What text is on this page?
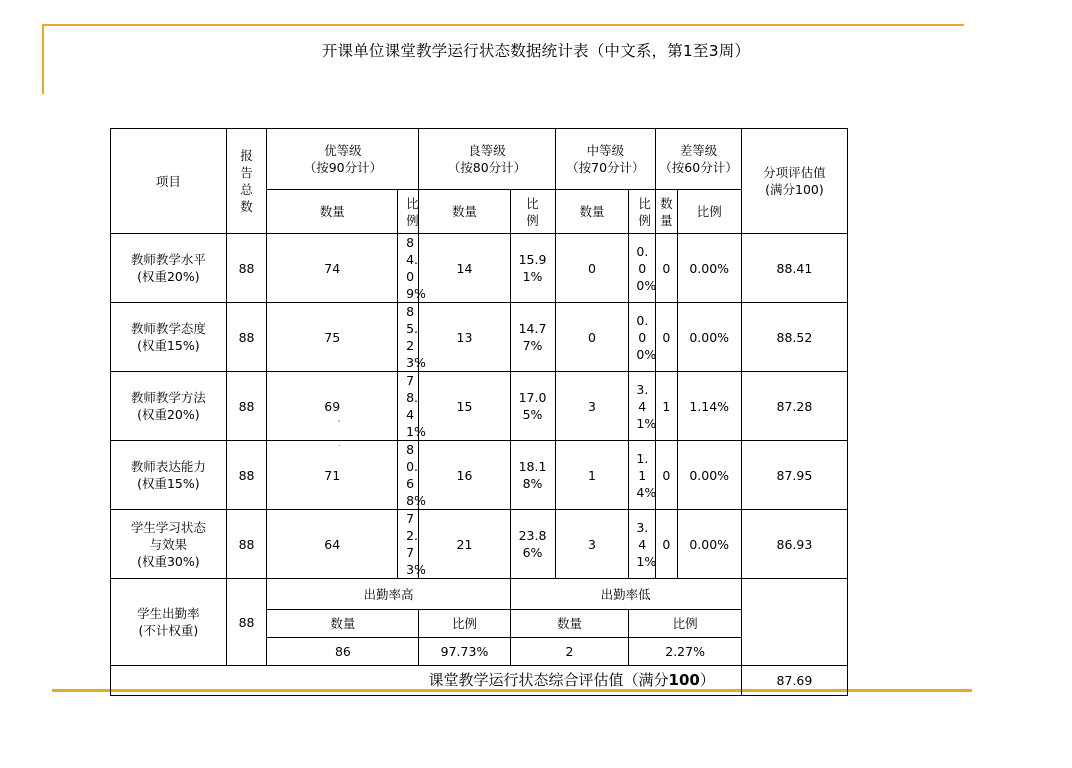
开课单位课堂教学运行状态数据统计表（中文系，第1至3周）
项目	报告总数	优等级
（按90分计）		良等级
（按80分计）		中等级
（按70分计）		差等级
（按60分计）		分项评估值
(满分100)
		数量	比例	数量	比例	数量	比例	数量	比例	
教师教学水平
(权重20%)	88	74	84.09%	14	15.91%	0	0.00%	0	0.00%	88.41
教师教学态度
(权重15%)	88	75	85.23%	13	14.77%	0	0.00%	0	0.00%	88.52
教师教学方法
(权重20%)	88	69	78.41%	15	17.05%	3	3.41%	1	1.14%	87.28
教师表达能力
(权重15%)	88	71	80.68%	16	18.18%	1	1.14%	0	0.00%	87.95
学生学习状态
与效果
(权重30%)	88	64	72.73%	21	23.86%	3	3.41%	0	0.00%	86.93
学生出勤率
(不计权重)	88	出勤率高			出勤率低					
		数量		比例	数量		比例			
		86		97.73%	2		2.27%			
课堂教学运行状态综合评估值（满分100）										87.69
'
.
